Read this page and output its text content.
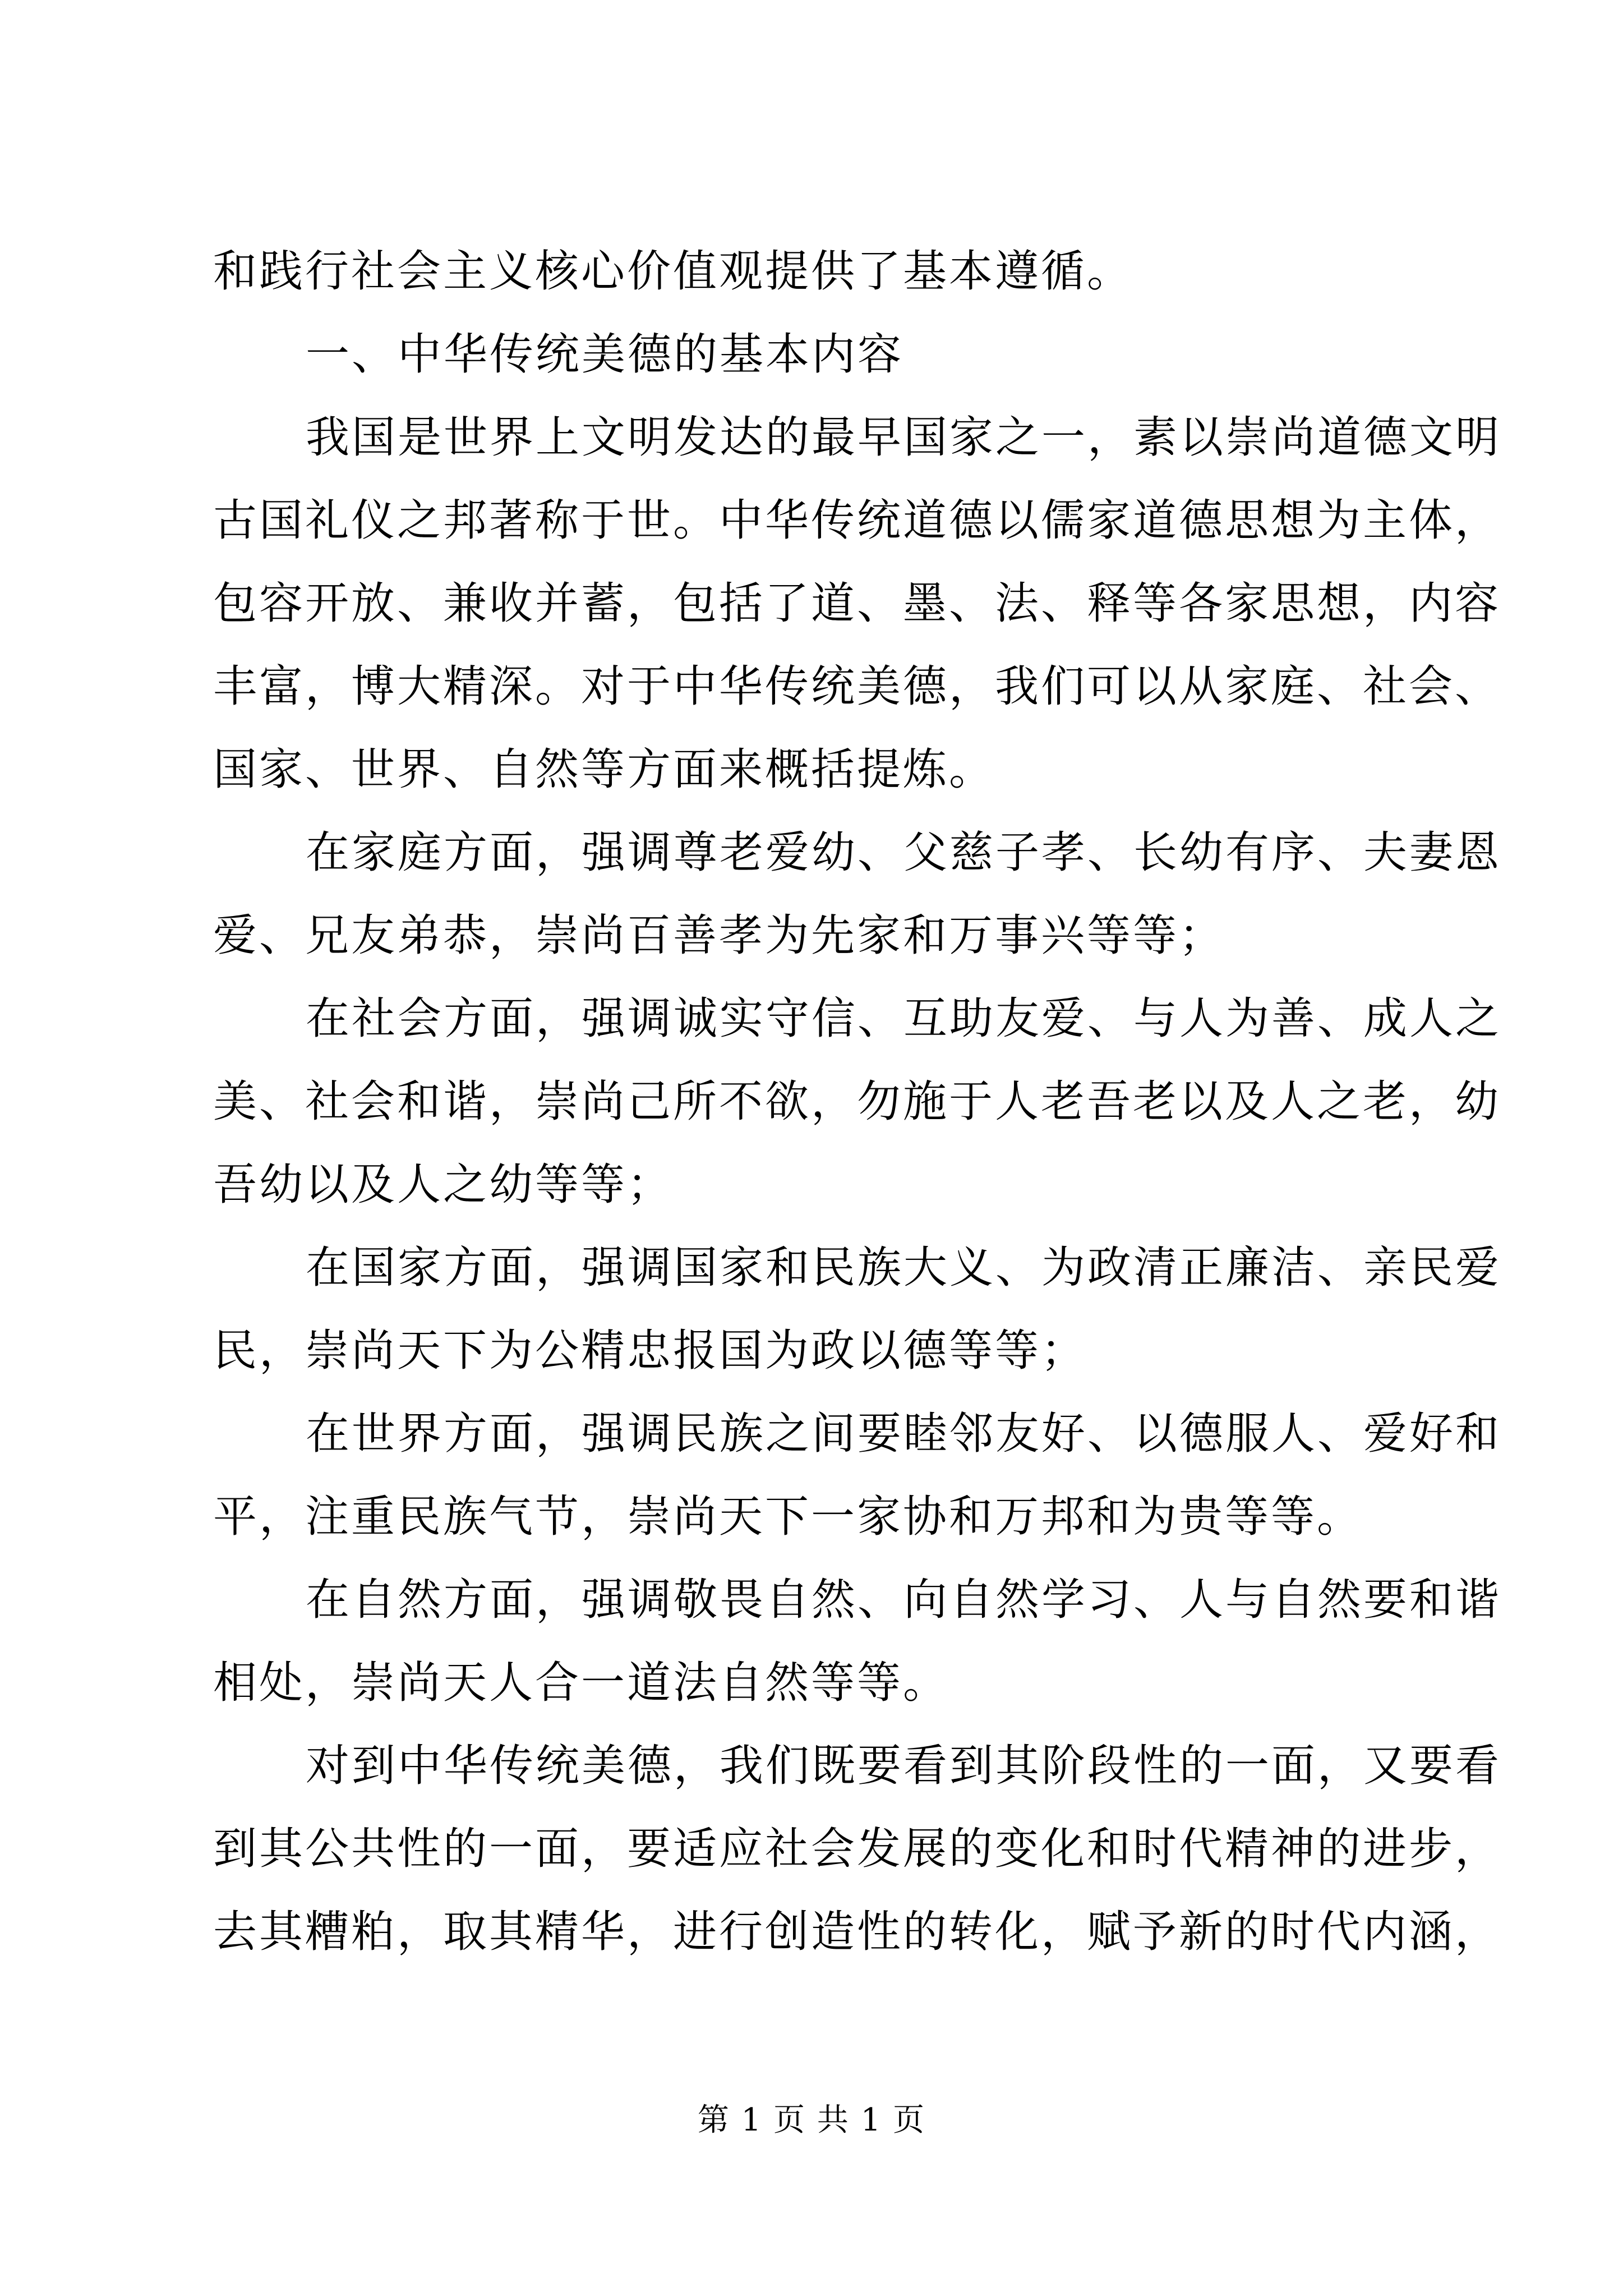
和践行社会主义核心价值观提供了基本遵循。
一、中华传统美德的基本内容
我国是世界上文明发达的最早国家之一，素以崇尚道德文明
古国礼仪之邦著称于世。中华传统道德以儒家道德思想为主体，
包容开放、兼收并蓄，包括了道、墨、法、释等各家思想，内容
丰富，博大精深。对于中华传统美德，我们可以从家庭、社会、
国家、世界、自然等方面来概括提炼。
在家庭方面，强调尊老爱幼、父慈子孝、长幼有序、夫妻恩
爱、兄友弟恭，崇尚百善孝为先家和万事兴等等；
在社会方面，强调诚实守信、互助友爱、与人为善、成人之
美、社会和谐，崇尚己所不欲，勿施于人老吾老以及人之老，幼
吾幼以及人之幼等等；
在国家方面，强调国家和民族大义、为政清正廉洁、亲民爱
民，崇尚天下为公精忠报国为政以德等等；
在世界方面，强调民族之间要睦邻友好、以德服人、爱好和
平，注重民族气节，崇尚天下一家协和万邦和为贵等等。
在自然方面，强调敬畏自然、向自然学习、人与自然要和谐
相处，崇尚天人合一道法自然等等。
对到中华传统美德，我们既要看到其阶段性的一面，又要看
到其公共性的一面，要适应社会发展的变化和时代精神的进步，
去其糟粕，取其精华，进行创造性的转化，赋予新的时代内涵，
第 1 页 共 1 页
